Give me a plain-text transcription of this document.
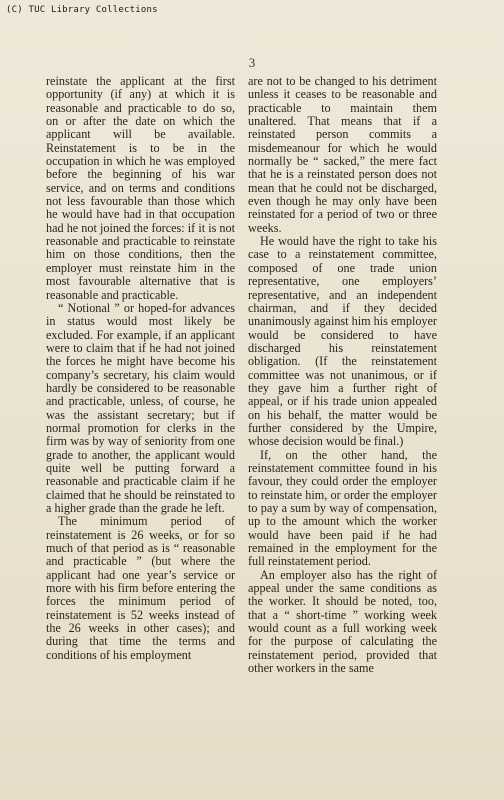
(C) TUC Library Collections
3

reinstate the applicant at the first opportunity (if any) at which it is reasonable and practicable to do so, on or after the date on which the applicant will be available. Reinstatement is to be in the occupation in which he was employed before the beginning of his war service, and on terms and conditions not less favourable than those which he would have had in that occupation had he not joined the forces: if it is not reasonable and practicable to reinstate him on those conditions, then the employer must reinstate him in the most favourable alternative that is reasonable and practicable.

“ Notional ” or hoped-for advances in status would most likely be excluded. For example, if an applicant were to claim that if he had not joined the forces he might have become his company’s secretary, his claim would hardly be considered to be reasonable and practicable, unless, of course, he was the assistant secretary; but if normal promotion for clerks in the firm was by way of seniority from one grade to another, the applicant would quite well be putting forward a reasonable and practicable claim if he claimed that he should be reinstated to a higher grade than the grade he left.

The minimum period of reinstatement is 26 weeks, or for so much of that period as is “ reasonable and practicable ” (but where the applicant had one year’s service or more with his firm before entering the forces the minimum period of reinstatement is 52 weeks instead of the 26 weeks in other cases); and during that time the terms and conditions of his employment

are not to be changed to his detriment unless it ceases to be reasonable and practicable to maintain them unaltered. That means that if a reinstated person commits a misdemeanour for which he would normally be “ sacked,” the mere fact that he is a reinstated person does not mean that he could not be discharged, even though he may only have been reinstated for a period of two or three weeks.

He would have the right to take his case to a reinstatement committee, composed of one trade union representative, one employers’ representative, and an independent chairman, and if they decided unanimously against him his employer would be considered to have discharged his reinstatement obligation. (If the reinstatement committee was not unanimous, or if they gave him a further right of appeal, or if his trade union appealed on his behalf, the matter would be further considered by the Umpire, whose decision would be final.)

If, on the other hand, the reinstatement committee found in his favour, they could order the employer to reinstate him, or order the employer to pay a sum by way of compensation, up to the amount which the worker would have been paid if he had remained in the employment for the full reinstatement period.

An employer also has the right of appeal under the same conditions as the worker. It should be noted, too, that a “ short-time ” working week would count as a full working week for the purpose of calculating the reinstatement period, provided that other workers in the same
